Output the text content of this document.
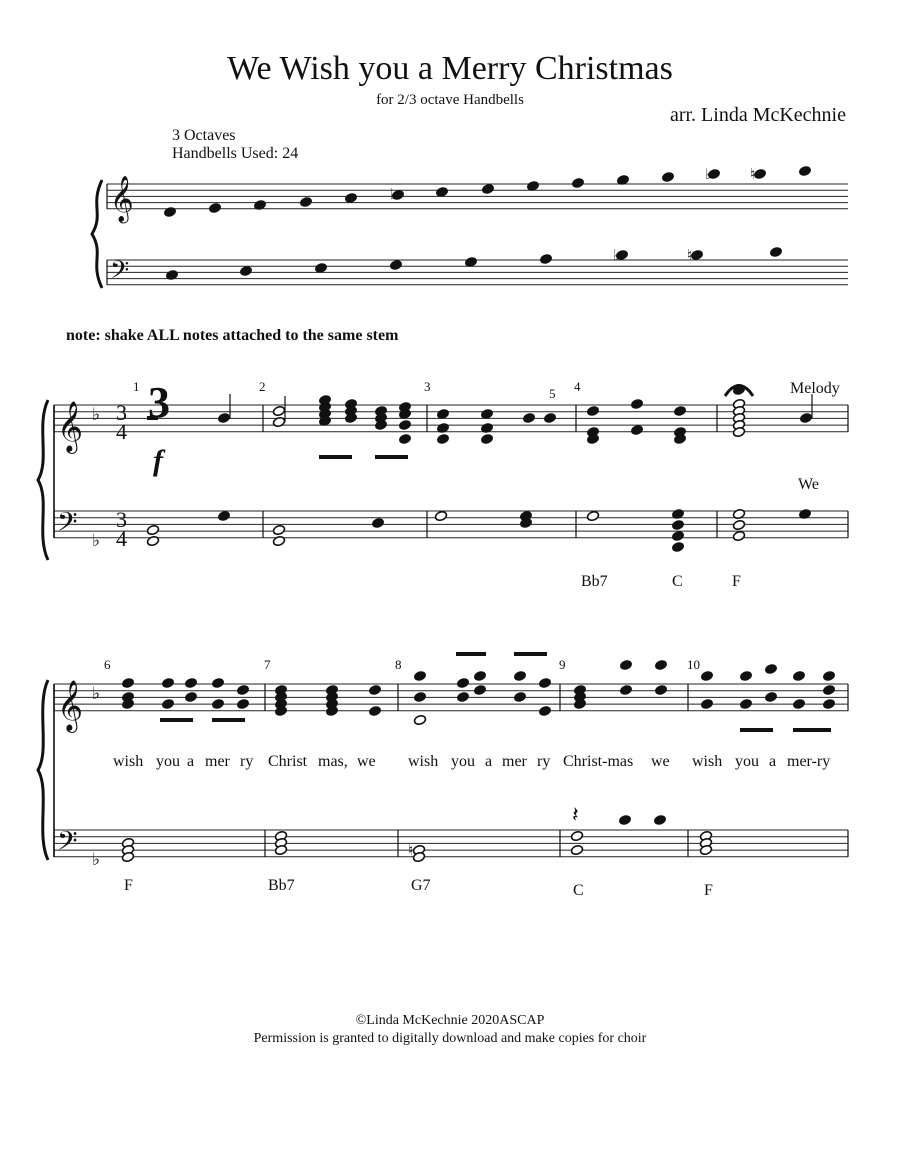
We Wish you a Merry Christmas
for 2/3 octave Handbells
arr. Linda McKechnie
3 Octaves
Handbells Used: 24
note: shake ALL notes attached to the same stem
𝄞
𝄢
♭
♭	♮
♭	♮
𝄞
𝄢
♭
♭
3
4
3
4
𝄞
𝄢
♭
♭	♮
𝄽
3
f
Melody
1	2	3	5 4
We
Bb7	C	F
6	7	8	9	10
wish you a mer ry Christ mas, we wish you a mer ry Christ-mas we wish you a mer-ry
F	Bb7	G7	C	F
©Linda McKechnie 2020ASCAP
Permission is granted to digitally download and make copies for choir
